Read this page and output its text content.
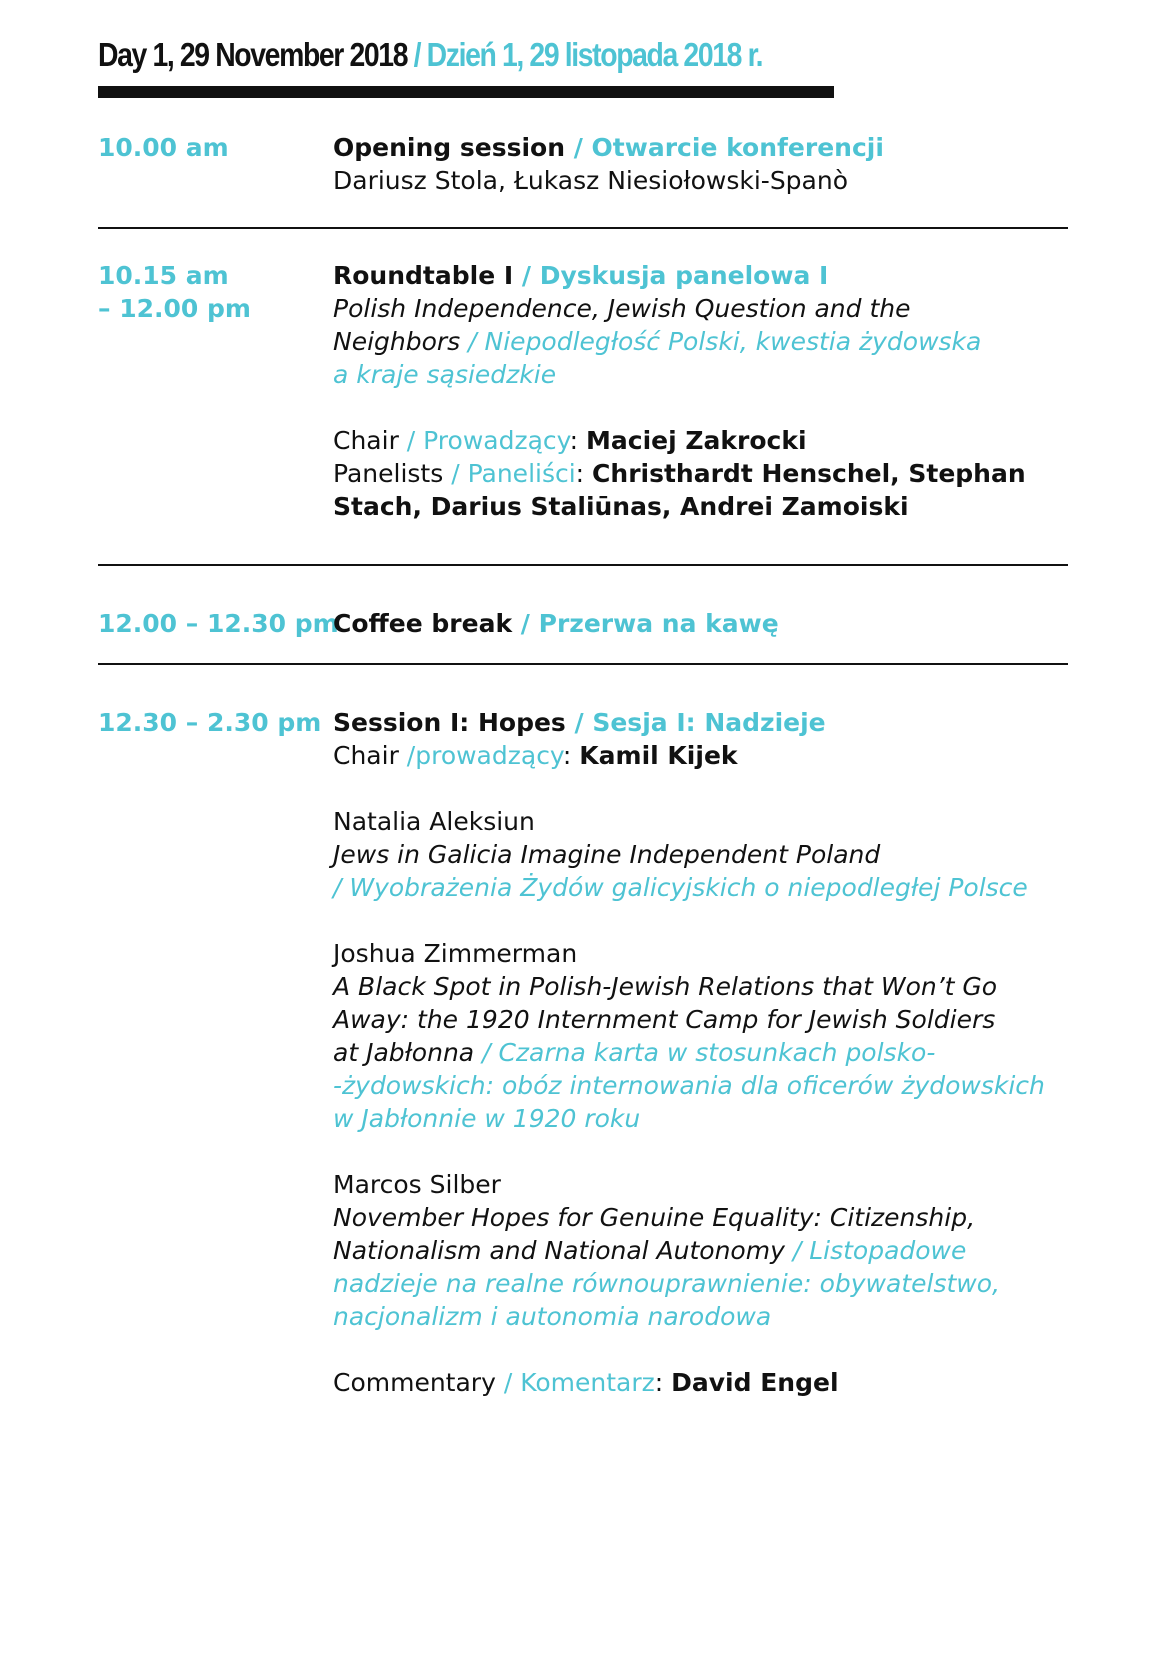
Day 1, 29 November 2018 / Dzień 1, 29 listopada 2018 r.
10.00 am	Opening session / Otwarcie konferencji
Dariusz Stola, Łukasz Niesiołowski-Spanò
10.15 am
– 12.00 pm
Roundtable I / Dyskusja panelowa I
Polish Independence, Jewish Question and the
Neighbors / Niepodległość Polski, kwestia żydowska
a kraje sąsiedzkie
Chair / Prowadzący: Maciej Zakrocki
Panelists / Paneliści: Christhardt Henschel, Stephan
Stach, Darius Staliūnas, Andrei Zamoiski
12.00 – 12.30 pm
Coffee break / Przerwa na kawę
12.30 – 2.30 pm Session I: Hopes / Sesja I: Nadzieje
Chair /prowadzący: Kamil Kijek
Natalia Aleksiun
Jews in Galicia Imagine Independent Poland
/ Wyobrażenia Żydów galicyjskich o niepodległej Polsce
Joshua Zimmerman
A Black Spot in Polish-Jewish Relations that Won’t Go
Away: the 1920 Internment Camp for Jewish Soldiers
at Jabłonna / Czarna karta w stosunkach polsko-
-żydowskich: obóz internowania dla oficerów żydowskich
w Jabłonnie w 1920 roku
Marcos Silber
November Hopes for Genuine Equality: Citizenship,
Nationalism and National Autonomy / Listopadowe
nadzieje na realne równouprawnienie: obywatelstwo,
nacjonalizm i autonomia narodowa
Commentary / Komentarz: David Engel
